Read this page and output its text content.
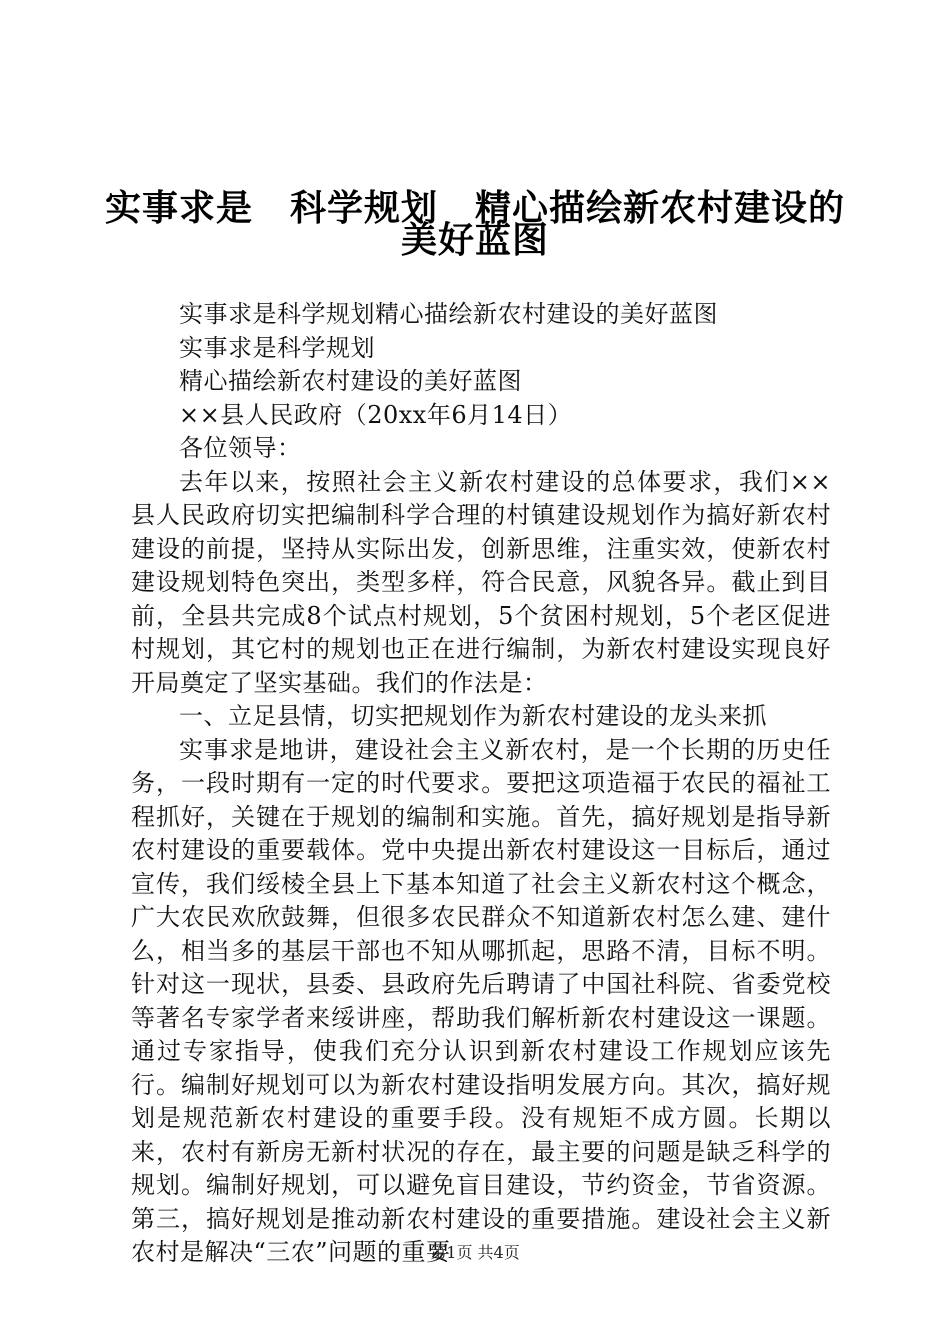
实事求是　科学规划　精心描绘新农村建设的
美好蓝图

实事求是科学规划精心描绘新农村建设的美好蓝图

实事求是科学规划

精心描绘新农村建设的美好蓝图

××县人民政府（20xx年6月14日）

各位领导：

去年以来，按照社会主义新农村建设的总体要求，我们××县人民政府切实把编制科学合理的村镇建设规划作为搞好新农村建设的前提，坚持从实际出发，创新思维，注重实效，使新农村建设规划特色突出，类型多样，符合民意，风貌各异。截止到目前，全县共完成8个试点村规划，5个贫困村规划，5个老区促进村规划，其它村的规划也正在进行编制，为新农村建设实现良好开局奠定了坚实基础。我们的作法是：

一、立足县情，切实把规划作为新农村建设的龙头来抓

实事求是地讲，建设社会主义新农村，是一个长期的历史任务，一段时期有一定的时代要求。要把这项造福于农民的福祉工程抓好，关键在于规划的编制和实施。首先，搞好规划是指导新农村建设的重要载体。党中央提出新农村建设这一目标后，通过宣传，我们绥棱全县上下基本知道了社会主义新农村这个概念，广大农民欢欣鼓舞，但很多农民群众不知道新农村怎么建、建什么，相当多的基层干部也不知从哪抓起，思路不清，目标不明。针对这一现状，县委、县政府先后聘请了中国社科院、省委党校等著名专家学者来绥讲座，帮助我们解析新农村建设这一课题。通过专家指导，使我们充分认识到新农村建设工作规划应该先行。编制好规划可以为新农村建设指明发展方向。其次，搞好规划是规范新农村建设的重要手段。没有规矩不成方圆。长期以来，农村有新房无新村状况的存在，最主要的问题是缺乏科学的规划。编制好规划，可以避免盲目建设，节约资金，节省资源。第三，搞好规划是推动新农村建设的重要措施。建设社会主义新农村是解决“三农”问题的重要

第1页 共4页
